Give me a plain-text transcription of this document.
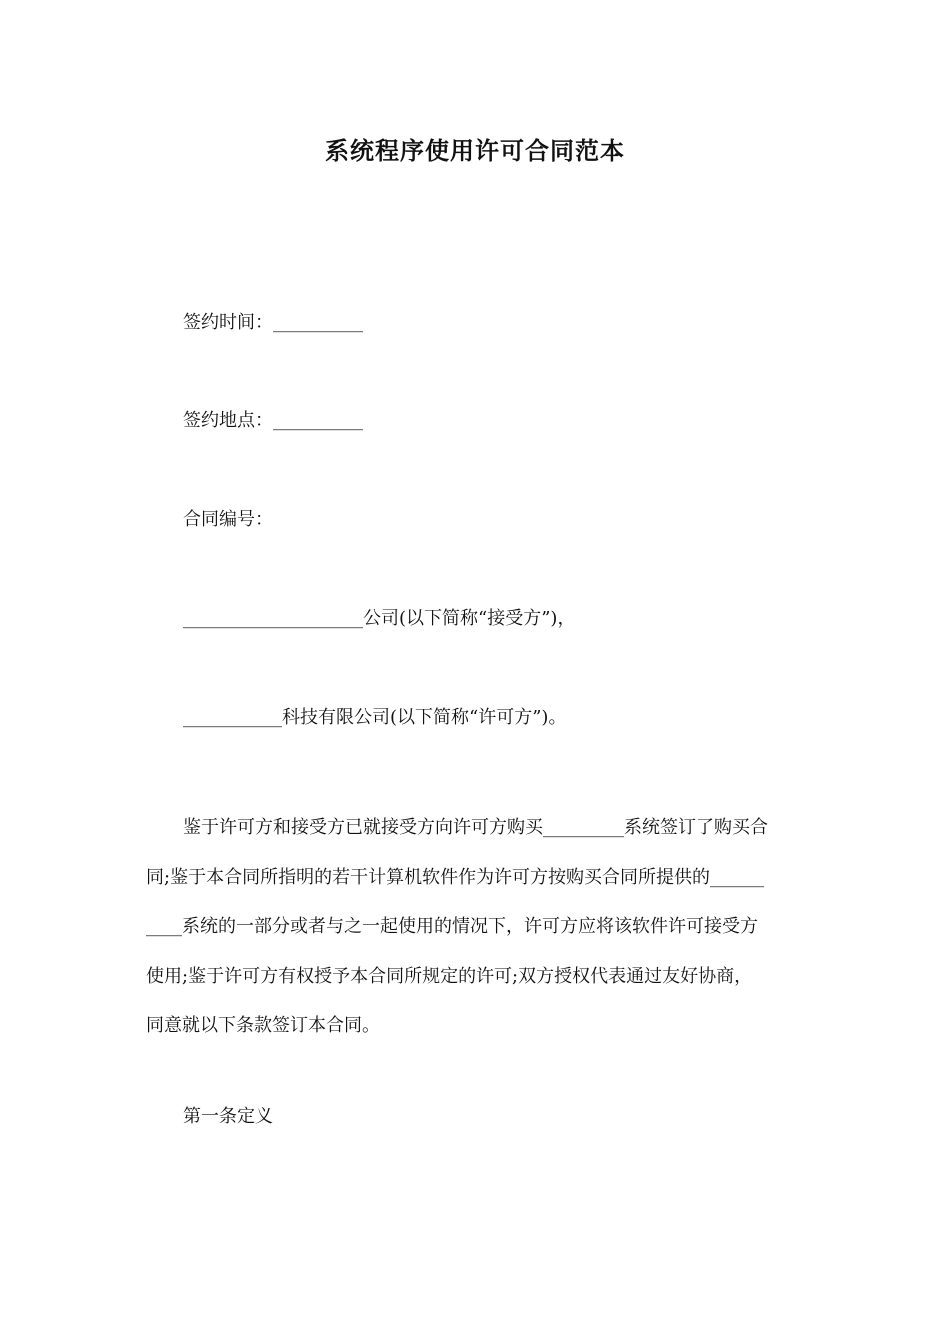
系统程序使用许可合同范本

签约时间：__________

签约地点：__________

合同编号：

____________________公司(以下简称“接受方”)，

___________科技有限公司(以下简称“许可方”)。

鉴于许可方和接受方已就接受方向许可方购买_________系统签订了购买合
同;鉴于本合同所指明的若干计算机软件作为许可方按购买合同所提供的______
____系统的一部分或者与之一起使用的情况下，许可方应将该软件许可接受方
使用;鉴于许可方有权授予本合同所规定的许可;双方授权代表通过友好协商，
同意就以下条款签订本合同。

第一条定义
